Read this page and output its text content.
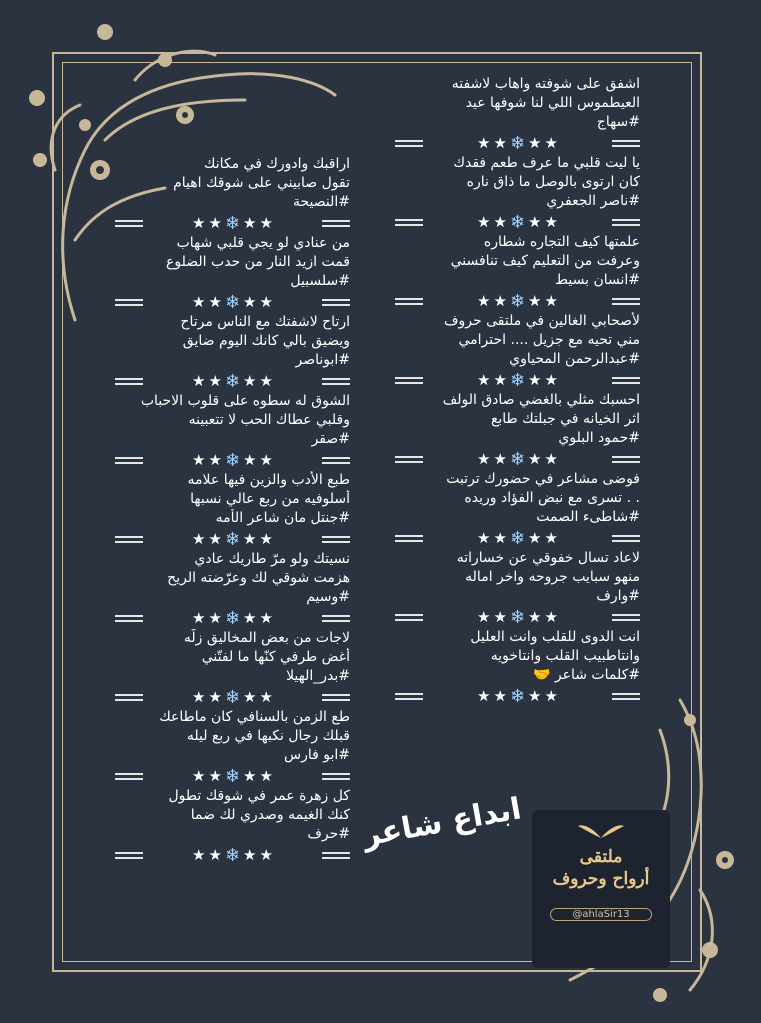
اراقبك وادورك في مكانك
تقول صابيني على شوقك اهيام
#النصيحة
★ ★ ❄ ★ ★
من عنادي لو يجي قلبي شهاب
قمت ازيد النار من حدب الضلوع
#سلسبيل
★ ★ ❄ ★ ★
ارتاح لاشفتك مع الناس مرتاح
ويضيق بالي كانك اليوم ضايق
#ابوناصر
★ ★ ❄ ★ ★
الشوق له سطوه على قلوب الاحباب
وقلبي عطاك الحب لا تتعبينه
#صقر
★ ★ ❄ ★ ★
طبع الأدب والزين فيها علامه
أسلوفيه من ربع عالي نسبها
#جنتل مان شاعر الأمه
★ ★ ❄ ★ ★
نسيتك ولو مرّ طاريك عادي
هزمت شوقي لك وعرّضته الريح
#وسيم
★ ★ ❄ ★ ★
لاجات من بعض المخاليق زلّه
أغض طرفي كنّها ما لفتّني
#بدر_الهيلا
★ ★ ❄ ★ ★
طع الزمن بالسنافي كان ماطاعك
قبلك رجال نكبها في ربع ليله
#ابو فارس
★ ★ ❄ ★ ★
كل زهرة عمر في شوقك تطول
كنك الغيمه وصدري لك ضما
#حرف
★ ★ ❄ ★ ★
اشفق على شوفته واهاب لاشفته
العيطموس اللي لنا شوفها عيد
#سهاج
★ ★ ❄ ★ ★
يا ليت قلبي ما عرف طعم فقدك
كان ارتوى بالوصل ما ذاق ناره
#ناصر الجعفري
★ ★ ❄ ★ ★
علمتها كيف التجاره شطاره
وعرفت من التعليم كيف تنافسني
#انسان بسيط
★ ★ ❄ ★ ★
لأصحابي الغالين في ملتقى حروف
مني تحيه مع جزيل .... احترامي
#عبدالرحمن المحياوي
★ ★ ❄ ★ ★
احسبك مثلي بالغضي صادق الولف
اثر الخيانه في جبلتك طابع
#حمود البلوي
★ ★ ❄ ★ ★
فوضى مشاعر في حضورك ترتبت
. . تسرى مع نبض الفؤاد وريده
#شاطىء الصمت
★ ★ ❄ ★ ★
لاعاد تسال خفوقي عن خساراته
منهو سبايب جروحه واخر اماله
#وارف
★ ★ ❄ ★ ★
انت الدوى للقلب وانت العليل
وانتاطبيب القلب وانتاخويه
#كلمات شاعر 🤝
★ ★ ❄ ★ ★
ابداع شاعر
ملتقى
أرواح وحروف
@ahlaSir13
